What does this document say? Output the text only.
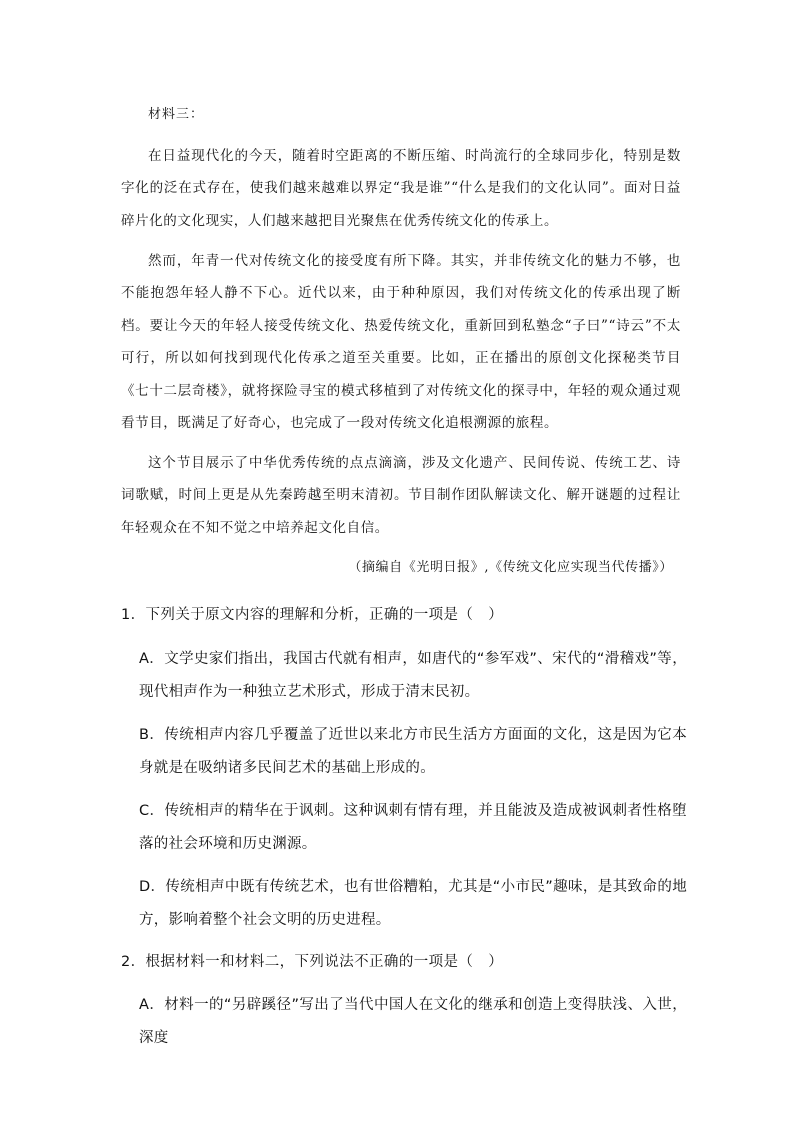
材料三：

在日益现代化的今天，随着时空距离的不断压缩、时尚流行的全球同步化，特别是数字化的泛在式存在，使我们越来越难以界定“我是谁”“什么是我们的文化认同”。面对日益碎片化的文化现实，人们越来越把目光聚焦在优秀传统文化的传承上。

然而，年青一代对传统文化的接受度有所下降。其实，并非传统文化的魅力不够，也不能抱怨年轻人静不下心。近代以来，由于种种原因，我们对传统文化的传承出现了断档。要让今天的年轻人接受传统文化、热爱传统文化，重新回到私塾念“子曰”“诗云”不太可行，所以如何找到现代化传承之道至关重要。比如，正在播出的原创文化探秘类节目《七十二层奇楼》，就将探险寻宝的模式移植到了对传统文化的探寻中，年轻的观众通过观看节目，既满足了好奇心，也完成了一段对传统文化追根溯源的旅程。

这个节目展示了中华优秀传统的点点滴滴，涉及文化遗产、民间传说、传统工艺、诗词歌赋，时间上更是从先秦跨越至明末清初。节目制作团队解读文化、解开谜题的过程让年轻观众在不知不觉之中培养起文化自信。

（摘编自《光明日报》,《传统文化应实现当代传播》）
1．下列关于原文内容的理解和分析，正确的一项是（　）

A．文学史家们指出，我国古代就有相声，如唐代的“参军戏”、宋代的“滑稽戏”等，现代相声作为一种独立艺术形式，形成于清末民初。

B．传统相声内容几乎覆盖了近世以来北方市民生活方方面面的文化，这是因为它本身就是在吸纳诸多民间艺术的基础上形成的。

C．传统相声的精华在于讽刺。这种讽刺有情有理，并且能波及造成被讽刺者性格堕落的社会环境和历史渊源。

D．传统相声中既有传统艺术，也有世俗糟粕，尤其是“小市民”趣味，是其致命的地方，影响着整个社会文明的历史进程。

2．根据材料一和材料二，下列说法不正确的一项是（　）

A．材料一的“另辟蹊径”写出了当代中国人在文化的继承和创造上变得肤浅、入世，深度
